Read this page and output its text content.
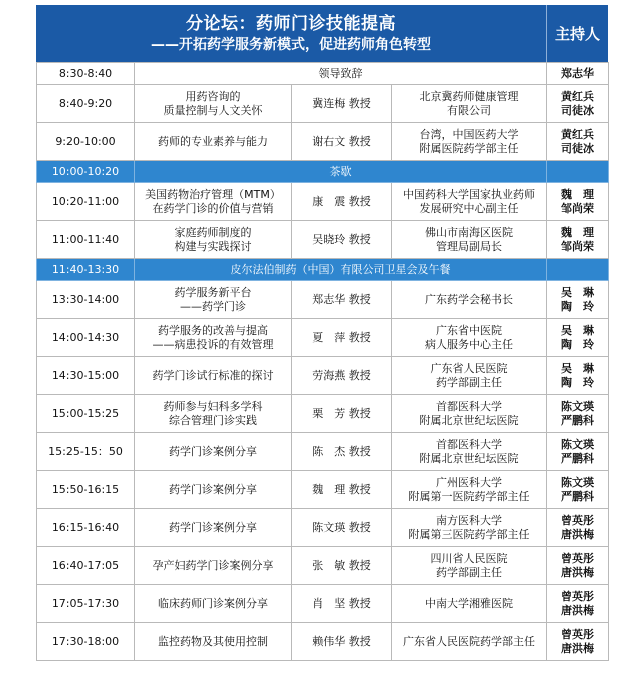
分论坛：药师门诊技能提高
——开拓药学服务新模式，促进药师角色转型
主持人
8:30-8:40	领导致辞			郑志华

8:40-9:20	用药咨询的
质量控制与人文关怀	冀连梅 教授	北京冀药师健康管理
有限公司	黄红兵
司徒冰

9:20-10:00	药师的专业素养与能力	谢右文 教授	台湾，中国医药大学
附属医院药学部主任	黄红兵
司徒冰

10:00-10:20	茶歇			

10:20-11:00	美国药物治疗管理（MTM）
在药学门诊的价值与营销	康　震 教授	中国药科大学国家执业药师
发展研究中心副主任	魏　理
邹尚荣

11:00-11:40	家庭药师制度的
构建与实践探讨	吴晓玲 教授	佛山市南海区医院
管理局副局长	魏　理
邹尚荣

11:40-13:30	皮尔法伯制药（中国）有限公司卫星会及午餐			

13:30-14:00	药学服务新平台
——药学门诊	郑志华 教授	广东药学会秘书长	吴　琳
陶　玲

14:00-14:30	药学服务的改善与提高
——病患投诉的有效管理	夏　萍 教授	广东省中医院
病人服务中心主任	吴　琳
陶　玲

14:30-15:00	药学门诊试行标准的探讨	劳海燕 教授	广东省人民医院
药学部副主任	吴　琳
陶　玲

15:00-15:25	药师参与妇科多学科
综合管理门诊实践	栗　芳 教授	首都医科大学
附属北京世纪坛医院	陈文瑛
严鹏科

15:25-15：50	药学门诊案例分享	陈　杰 教授	首都医科大学
附属北京世纪坛医院	陈文瑛
严鹏科

15:50-16:15	药学门诊案例分享	魏　理 教授	广州医科大学
附属第一医院药学部主任	陈文瑛
严鹏科

16:15-16:40	药学门诊案例分享	陈文瑛 教授	南方医科大学
附属第三医院药学部主任	曾英彤
唐洪梅

16:40-17:05	孕产妇药学门诊案例分享	张　敏 教授	四川省人民医院
药学部副主任	曾英彤
唐洪梅

17:05-17:30	临床药师门诊案例分享	肖　坚 教授	中南大学湘雅医院	曾英彤
唐洪梅

17:30-18:00	监控药物及其使用控制	赖伟华 教授	广东省人民医院药学部主任	曾英彤
唐洪梅
